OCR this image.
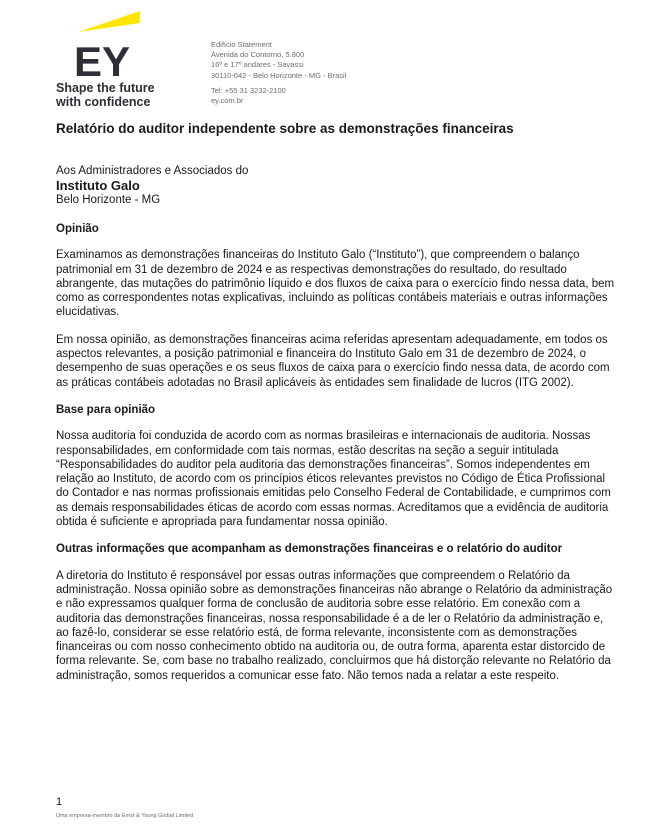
EY
Shape the future
with confidence
Edifício Statement
Avenida do Contorno, 5.800
16º e 17º andares - Savassi
30110-042 - Belo Horizonte - MG - Brasil
Tel: +55 31 3232-2100
ey.com.br
Relatório do auditor independente sobre as demonstrações financeiras
Aos Administradores e Associados do
Instituto Galo
Belo Horizonte - MG
Opinião

Examinamos as demonstrações financeiras do Instituto Galo (“Instituto”), que compreendem o balanço patrimonial em 31 de dezembro de 2024 e as respectivas demonstrações do resultado, do resultado abrangente, das mutações do patrimônio líquido e dos fluxos de caixa para o exercício findo nessa data, bem como as correspondentes notas explicativas, incluindo as políticas contábeis materiais e outras informações elucidativas.

Em nossa opinião, as demonstrações financeiras acima referidas apresentam adequadamente, em todos os aspectos relevantes, a posição patrimonial e financeira do Instituto Galo em 31 de dezembro de 2024, o desempenho de suas operações e os seus fluxos de caixa para o exercício findo nessa data, de acordo com as práticas contábeis adotadas no Brasil aplicáveis às entidades sem finalidade de lucros (ITG 2002).

Base para opinião

Nossa auditoria foi conduzida de acordo com as normas brasileiras e internacionais de auditoria. Nossas responsabilidades, em conformidade com tais normas, estão descritas na seção a seguir intitulada “Responsabilidades do auditor pela auditoria das demonstrações financeiras”. Somos independentes em relação ao Instituto, de acordo com os princípios éticos relevantes previstos no Código de Ética Profissional do Contador e nas normas profissionais emitidas pelo Conselho Federal de Contabilidade, e cumprimos com as demais responsabilidades éticas de acordo com essas normas. Acreditamos que a evidência de auditoria obtida é suficiente e apropriada para fundamentar nossa opinião.

Outras informações que acompanham as demonstrações financeiras e o relatório do auditor

A diretoria do Instituto é responsável por essas outras informações que compreendem o Relatório da administração. Nossa opinião sobre as demonstrações financeiras não abrange o Relatório da administração e não expressamos qualquer forma de conclusão de auditoria sobre esse relatório. Em conexão com a auditoria das demonstrações financeiras, nossa responsabilidade é a de ler o Relatório da administração e, ao fazê-lo, considerar se esse relatório está, de forma relevante, inconsistente com as demonstrações financeiras ou com nosso conhecimento obtido na auditoria ou, de outra forma, aparenta estar distorcido de forma relevante. Se, com base no trabalho realizado, concluirmos que há distorção relevante no Relatório da administração, somos requeridos a comunicar esse fato. Não temos nada a relatar a este respeito.

1
Uma empresa-membro da Ernst & Young Global Limited
